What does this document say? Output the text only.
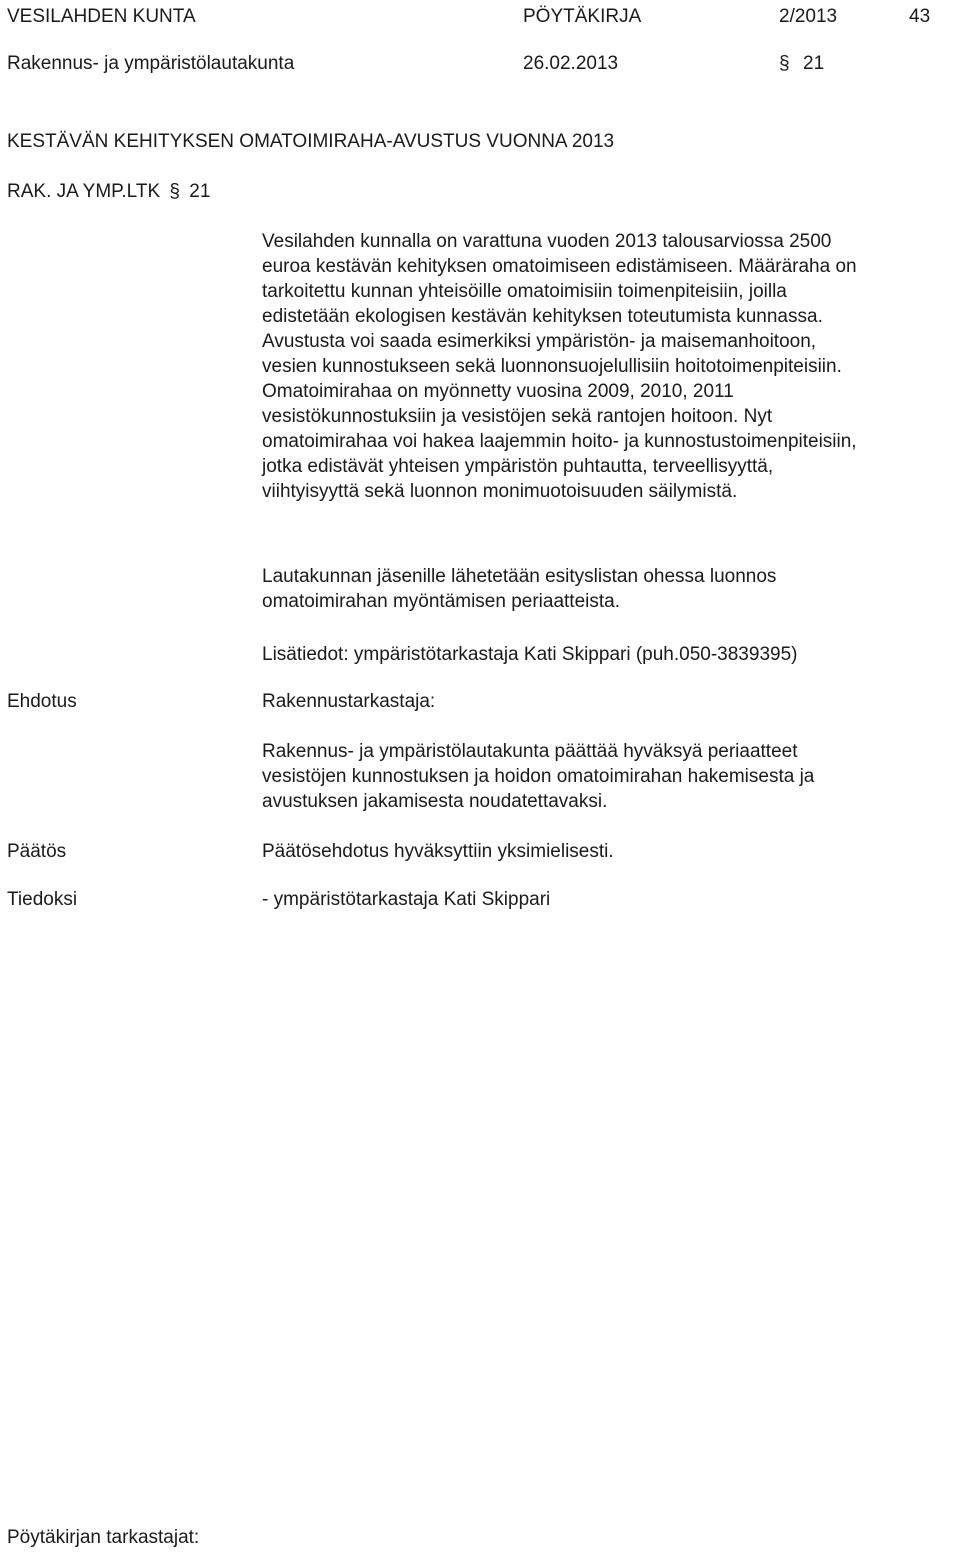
VESILAHDEN KUNTA	PÖYTÄKIRJA	2/2013	43
Rakennus- ja ympäristölautakunta	26.02.2013	§ 21
KESTÄVÄN KEHITYKSEN OMATOIMIRAHA-AVUSTUS VUONNA 2013
RAK. JA YMP.LTK § 21
Vesilahden kunnalla on varattuna vuoden 2013 talousarviossa 2500
euroa kestävän kehityksen omatoimiseen edistämiseen. Määräraha on
tarkoitettu kunnan yhteisöille omatoimisiin toimenpiteisiin, joilla
edistetään ekologisen kestävän kehityksen toteutumista kunnassa.
Avustusta voi saada esimerkiksi ympäristön- ja maisemanhoitoon,
vesien kunnostukseen sekä luonnonsuojelullisiin hoitotoimenpiteisiin.
Omatoimirahaa on myönnetty vuosina 2009, 2010, 2011
vesistökunnostuksiin ja vesistöjen sekä rantojen hoitoon. Nyt
omatoimirahaa voi hakea laajemmin hoito- ja kunnostustoimenpiteisiin,
jotka edistävät yhteisen ympäristön puhtautta, terveellisyyttä,
viihtyisyyttä sekä luonnon monimuotoisuuden säilymistä.
Lautakunnan jäsenille lähetetään esityslistan ohessa luonnos
omatoimirahan myöntämisen periaatteista.
Lisätiedot: ympäristötarkastaja Kati Skippari (puh.050-3839395)
Ehdotus	Rakennustarkastaja:
Rakennus- ja ympäristölautakunta päättää hyväksyä periaatteet
vesistöjen kunnostuksen ja hoidon omatoimirahan hakemisesta ja
avustuksen jakamisesta noudatettavaksi.
Päätös	Päätösehdotus hyväksyttiin yksimielisesti.
Tiedoksi	- ympäristötarkastaja Kati Skippari
Pöytäkirjan tarkastajat:
